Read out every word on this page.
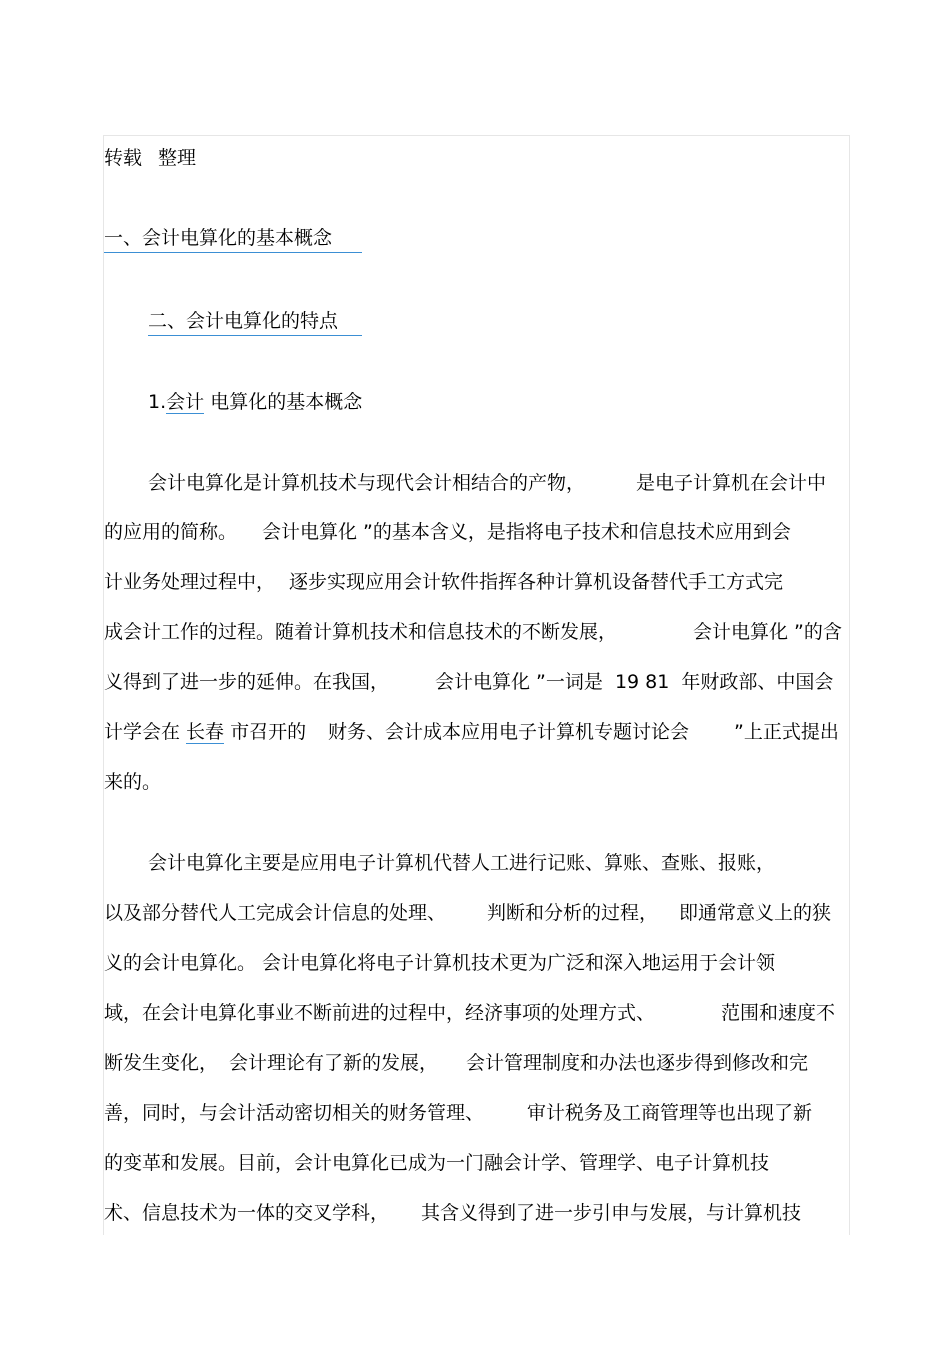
转载 整理
一、会计电算化的基本概念
二、会计电算化的特点
1.会计 电算化的基本概念
会计电算化是计算机技术与现代会计相结合的产物，	是电子计算机在会计中
的应用的简称。 会计电算化 ”的基本含义，是指将电子技术和信息技术应用到会
计业务处理过程中， 逐步实现应用会计软件指挥各种计算机设备替代手工方式完
成会计工作的过程。随着计算机技术和信息技术的不断发展，	会计电算化 ”的含
义得到了进一步的延伸。在我国， 会计电算化 ”一词是  19 81  年财政部、中国会
计学会在 长春 市召开的 财务、会计成本应用电子计算机专题讨论会 ”上正式提出
来的。
会计电算化主要是应用电子计算机代替人工进行记账、算账、查账、报账，
以及部分替代人工完成会计信息的处理、 判断和分析的过程， 即通常意义上的狭
义的会计电算化。 会计电算化将电子计算机技术更为广泛和深入地运用于会计领
域，在会计电算化事业不断前进的过程中，经济事项的处理方式、	范围和速度不
断发生变化， 会计理论有了新的发展， 会计管理制度和办法也逐步得到修改和完
善，同时，与会计活动密切相关的财务管理、 审计税务及工商管理等也出现了新
的变革和发展。目前，会计电算化已成为一门融会计学、管理学、电子计算机技
术、信息技术为一体的交叉学科， 其含义得到了进一步引申与发展，与计算机技
